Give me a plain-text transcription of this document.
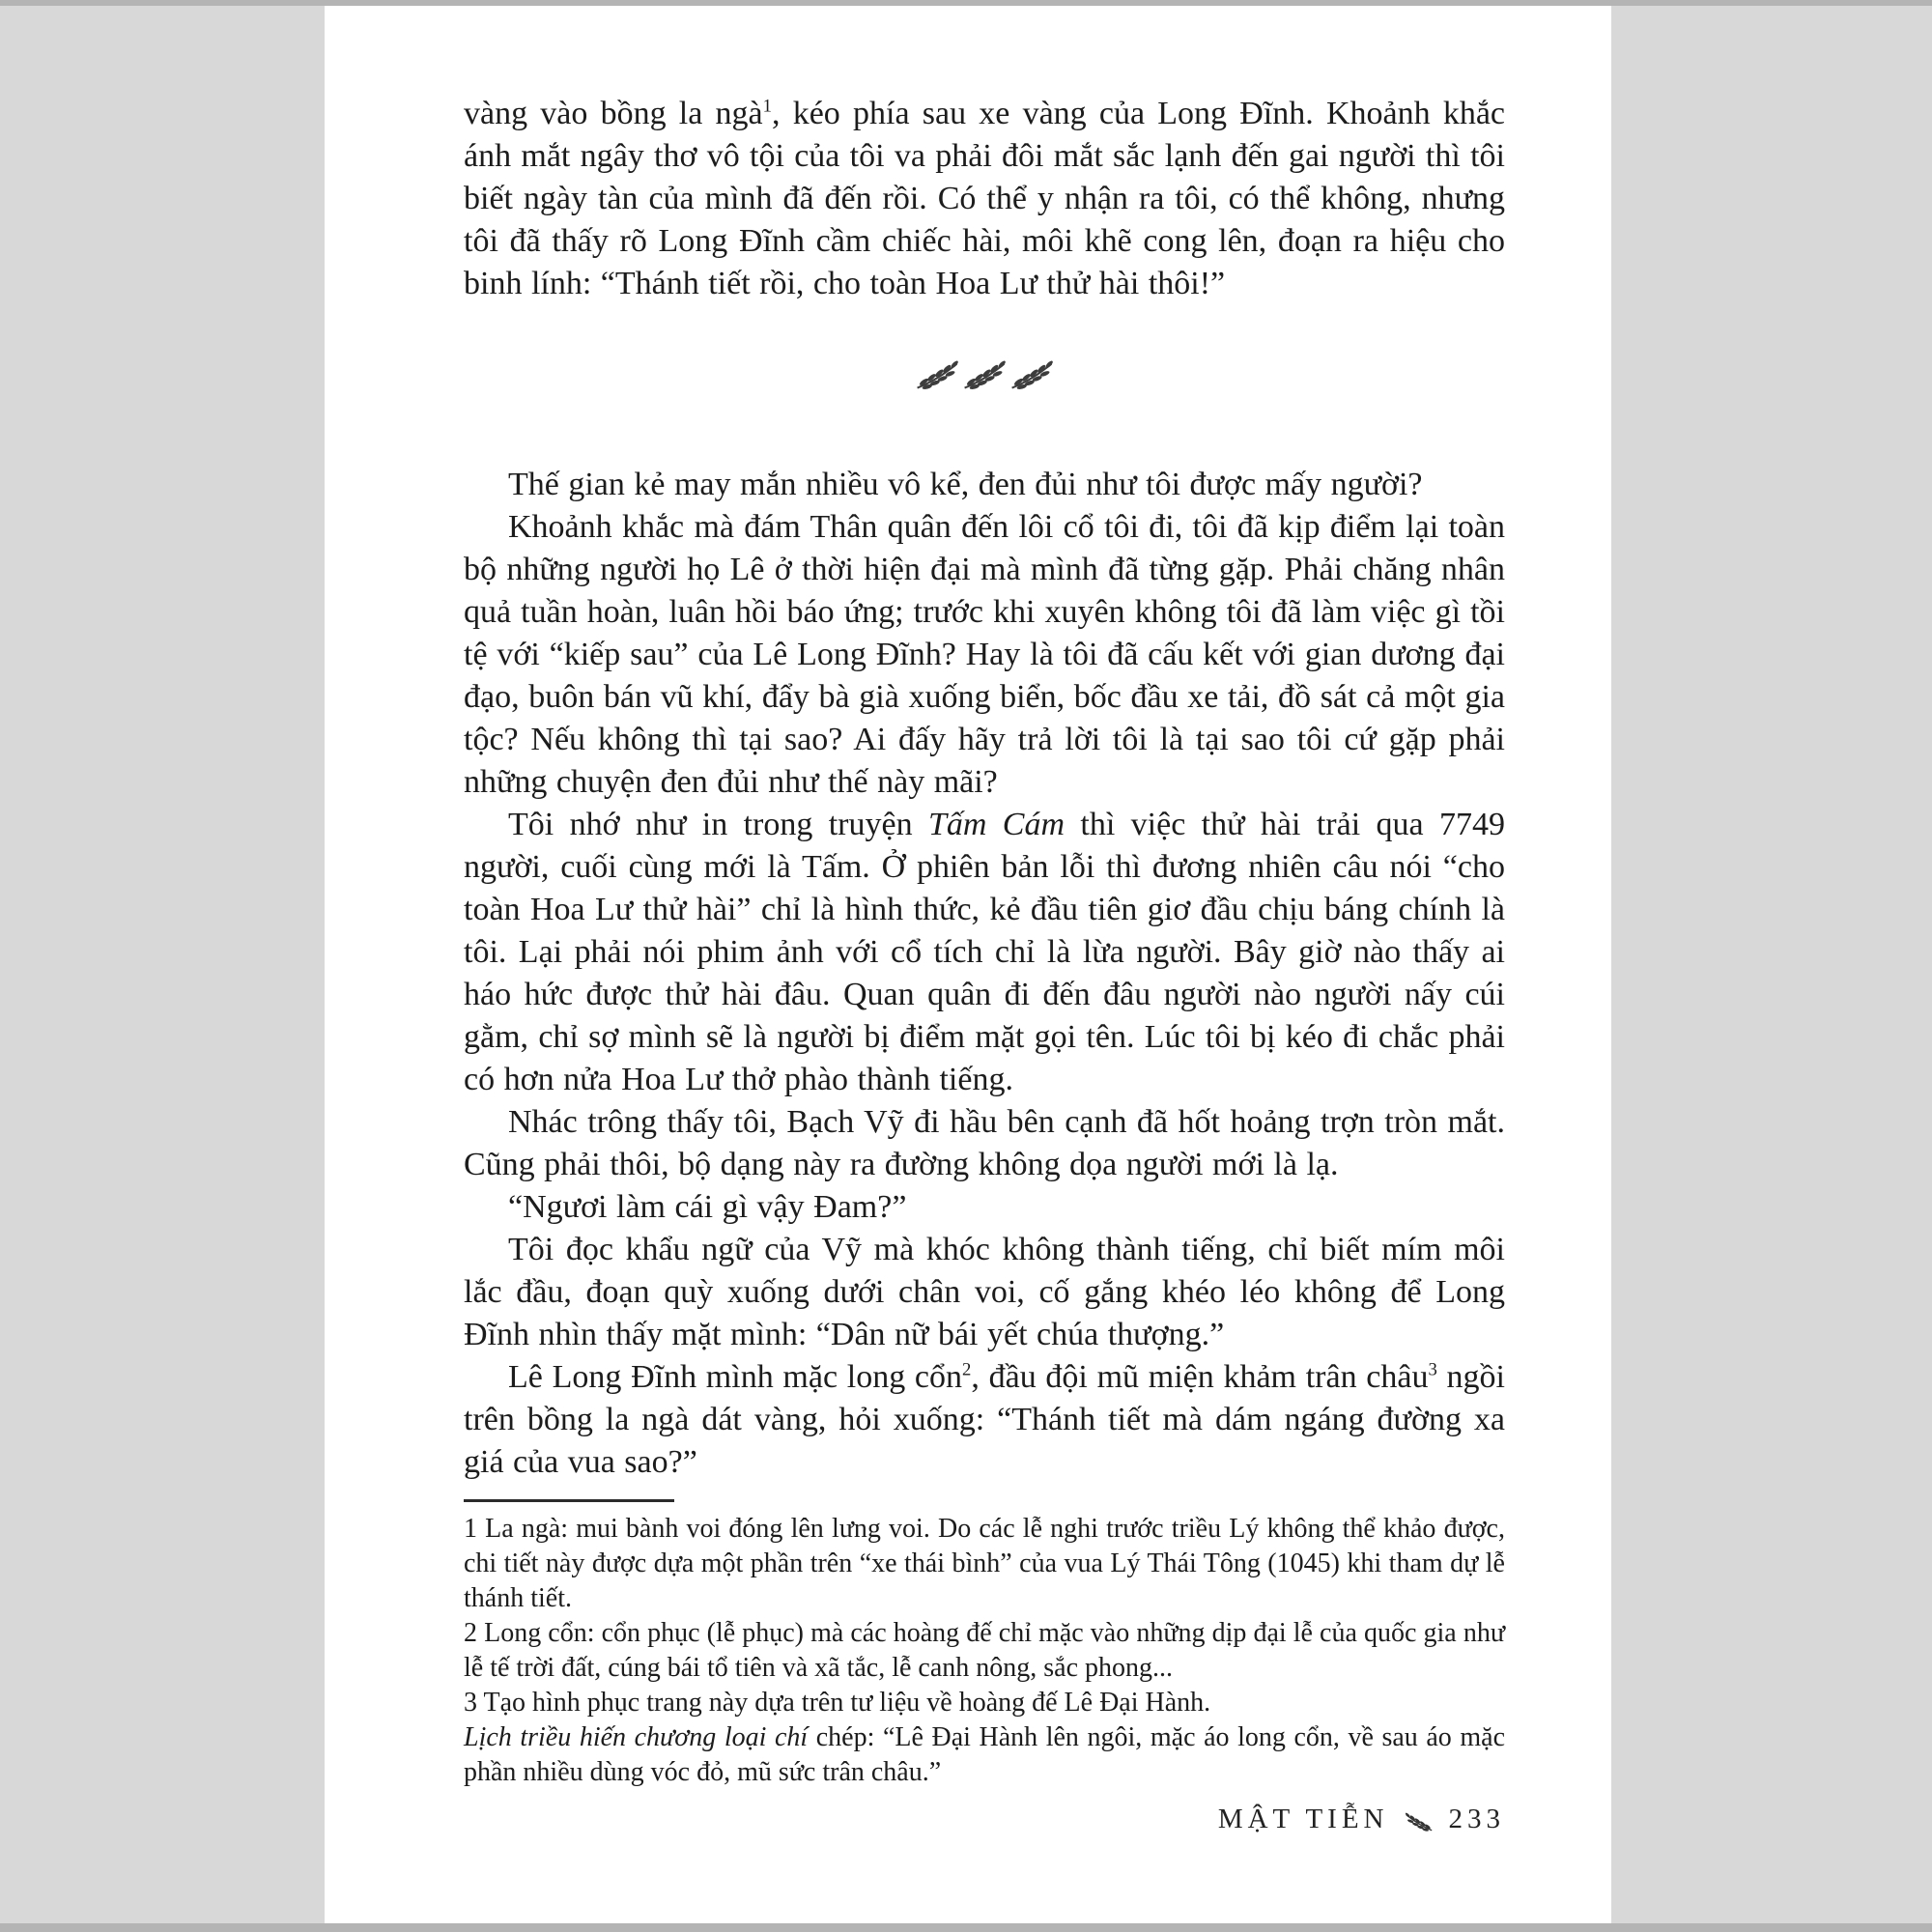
vàng vào bồng la ngà$^1$, kéo phía sau xe vàng của Long Đĩnh. Khoảnh khắc ánh mắt ngây thơ vô tội của tôi va phải đôi mắt sắc lạnh đến gai người thì tôi biết ngày tàn của mình đã đến rồi. Có thể y nhận ra tôi, có thể không, nhưng tôi đã thấy rõ Long Đĩnh cầm chiếc hài, môi khẽ cong lên, đoạn ra hiệu cho binh lính: “Thánh tiết rồi, cho toàn Hoa Lư thử hài thôi!”

Thế gian kẻ may mắn nhiều vô kể, đen đủi như tôi được mấy người?

Khoảnh khắc mà đám Thân quân đến lôi cổ tôi đi, tôi đã kịp điểm lại toàn bộ những người họ Lê ở thời hiện đại mà mình đã từng gặp. Phải chăng nhân quả tuần hoàn, luân hồi báo ứng; trước khi xuyên không tôi đã làm việc gì tồi tệ với “kiếp sau” của Lê Long Đĩnh? Hay là tôi đã cấu kết với gian dương đại đạo, buôn bán vũ khí, đẩy bà già xuống biển, bốc đầu xe tải, đồ sát cả một gia tộc? Nếu không thì tại sao? Ai đấy hãy trả lời tôi là tại sao tôi cứ gặp phải những chuyện đen đủi như thế này mãi?

Tôi nhớ như in trong truyện Tấm Cám thì việc thử hài trải qua 7749 người, cuối cùng mới là Tấm. Ở phiên bản lỗi thì đương nhiên câu nói “cho toàn Hoa Lư thử hài” chỉ là hình thức, kẻ đầu tiên giơ đầu chịu báng chính là tôi. Lại phải nói phim ảnh với cổ tích chỉ là lừa người. Bây giờ nào thấy ai háo hức được thử hài đâu. Quan quân đi đến đâu người nào người nấy cúi gằm, chỉ sợ mình sẽ là người bị điểm mặt gọi tên. Lúc tôi bị kéo đi chắc phải có hơn nửa Hoa Lư thở phào thành tiếng.

Nhác trông thấy tôi, Bạch Vỹ đi hầu bên cạnh đã hốt hoảng trợn tròn mắt. Cũng phải thôi, bộ dạng này ra đường không dọa người mới là lạ.

“Ngươi làm cái gì vậy Đam?”

Tôi đọc khẩu ngữ của Vỹ mà khóc không thành tiếng, chỉ biết mím môi lắc đầu, đoạn quỳ xuống dưới chân voi, cố gắng khéo léo không để Long Đĩnh nhìn thấy mặt mình: “Dân nữ bái yết chúa thượng.”

Lê Long Đĩnh mình mặc long cổn$^2$, đầu đội mũ miện khảm trân châu$^3$ ngồi trên bồng la ngà dát vàng, hỏi xuống: “Thánh tiết mà dám ngáng đường xa giá của vua sao?”

1 La ngà: mui bành voi đóng lên lưng voi. Do các lễ nghi trước triều Lý không thể khảo được, chi tiết này được dựa một phần trên “xe thái bình” của vua Lý Thái Tông (1045) khi tham dự lễ thánh tiết.

2 Long cổn: cổn phục (lễ phục) mà các hoàng đế chỉ mặc vào những dịp đại lễ của quốc gia như lễ tế trời đất, cúng bái tổ tiên và xã tắc, lễ canh nông, sắc phong...

3 Tạo hình phục trang này dựa trên tư liệu về hoàng đế Lê Đại Hành.

Lịch triều hiến chương loại chí chép: “Lê Đại Hành lên ngôi, mặc áo long cổn, về sau áo mặc phần nhiều dùng vóc đỏ, mũ sức trân châu.”

MẬT TIỄN 233
